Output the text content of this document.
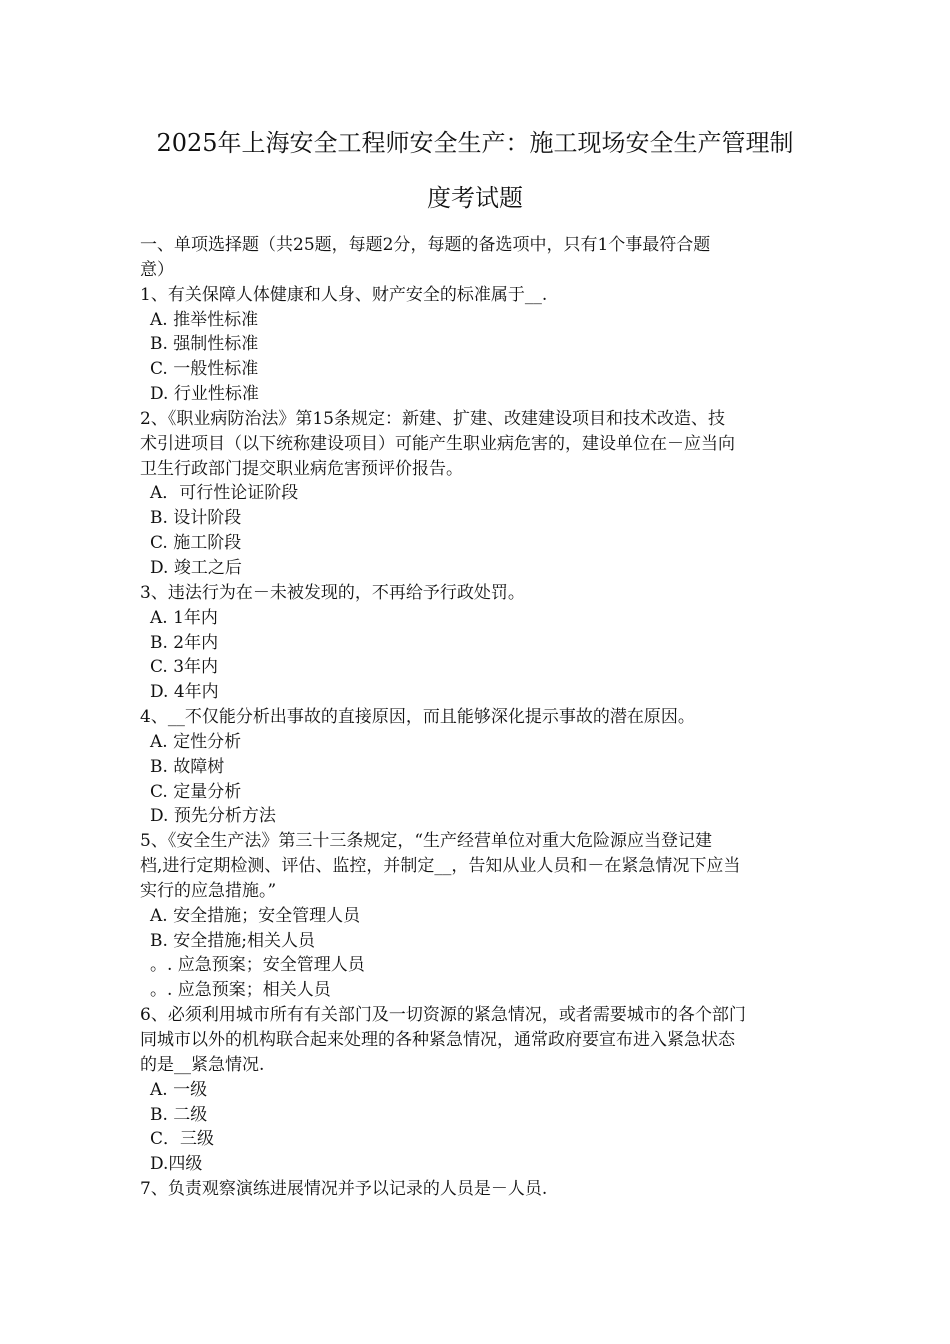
2025年上海安全工程师安全生产：施工现场安全生产管理制
度考试题
一、单项选择题（共25题，每题2分，每题的备选项中，只有1个事最符合题
意）
1、有关保障人体健康和人身、财产安全的标准属于__.
A. 推举性标准
B. 强制性标准
C. 一般性标准
D. 行业性标准
2、《职业病防治法》第15条规定：新建、扩建、改建建设项目和技术改造、技
术引进项目（以下统称建设项目）可能产生职业病危害的，建设单位在－应当向
卫生行政部门提交职业病危害预评价报告。
A．可行性论证阶段
B. 设计阶段
C. 施工阶段
D. 竣工之后
3、违法行为在－未被发现的，不再给予行政处罚。
A. 1年内
B. 2年内
C. 3年内
D. 4年内
4、__不仅能分析出事故的直接原因，而且能够深化提示事故的潜在原因。
A. 定性分析
B. 故障树
C. 定量分析
D. 预先分析方法
5、《安全生产法》第三十三条规定，“生产经营单位对重大危险源应当登记建
档,进行定期检测、评估、监控，并制定__，告知从业人员和－在紧急情况下应当
实行的应急措施。”
A. 安全措施；安全管理人员
B. 安全措施;相关人员
。. 应急预案；安全管理人员
。. 应急预案；相关人员
6、必须利用城市所有有关部门及一切资源的紧急情况，或者需要城市的各个部门
同城市以外的机构联合起来处理的各种紧急情况，通常政府要宣布进入紧急状态
的是__紧急情况.
A. 一级
B. 二级
C．三级
D.四级
7、负责观察演练进展情况并予以记录的人员是－人员.
